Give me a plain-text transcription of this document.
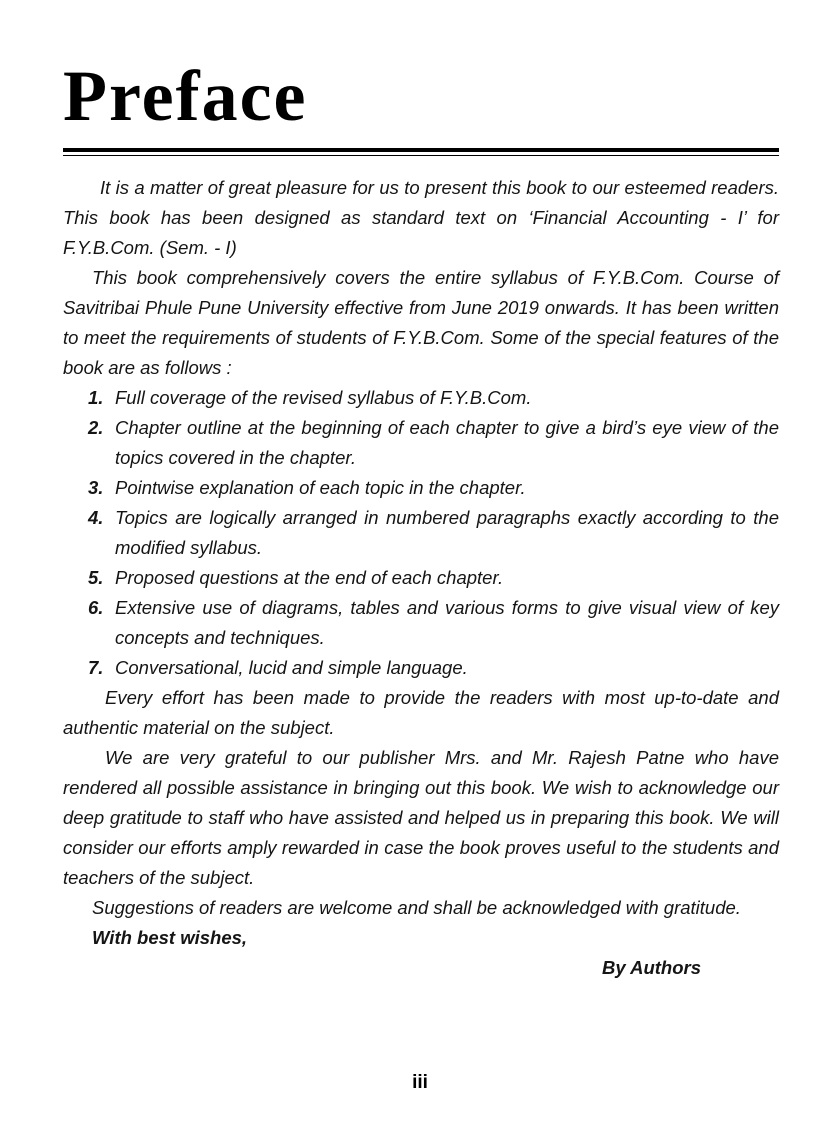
Preface

It is a matter of great pleasure for us to present this book to our esteemed readers. This book has been designed as standard text on ‘Financial Accounting - I’ for F.Y.B.Com. (Sem. - I)

This book comprehensively covers the entire syllabus of F.Y.B.Com. Course of Savitribai Phule Pune University effective from June 2019 onwards. It has been written to meet the requirements of students of F.Y.B.Com. Some of the special features of the book are as follows :

1. Full coverage of the revised syllabus of F.Y.B.Com.
2. Chapter outline at the beginning of each chapter to give a bird’s eye view of the topics covered in the chapter.
3. Pointwise explanation of each topic in the chapter.
4. Topics are logically arranged in numbered paragraphs exactly according to the modified syllabus.
5. Proposed questions at the end of each chapter.
6. Extensive use of diagrams, tables and various forms to give visual view of key concepts and techniques.
7. Conversational, lucid and simple language.

Every effort has been made to provide the readers with most up-to-date and authentic material on the subject.

We are very grateful to our publisher Mrs. and Mr. Rajesh Patne who have rendered all possible assistance in bringing out this book. We wish to acknowledge our deep gratitude to staff who have assisted and helped us in preparing this book. We will consider our efforts amply rewarded in case the book proves useful to the students and teachers of the subject.

Suggestions of readers are welcome and shall be acknowledged with gratitude.

With best wishes,

By Authors

iii
